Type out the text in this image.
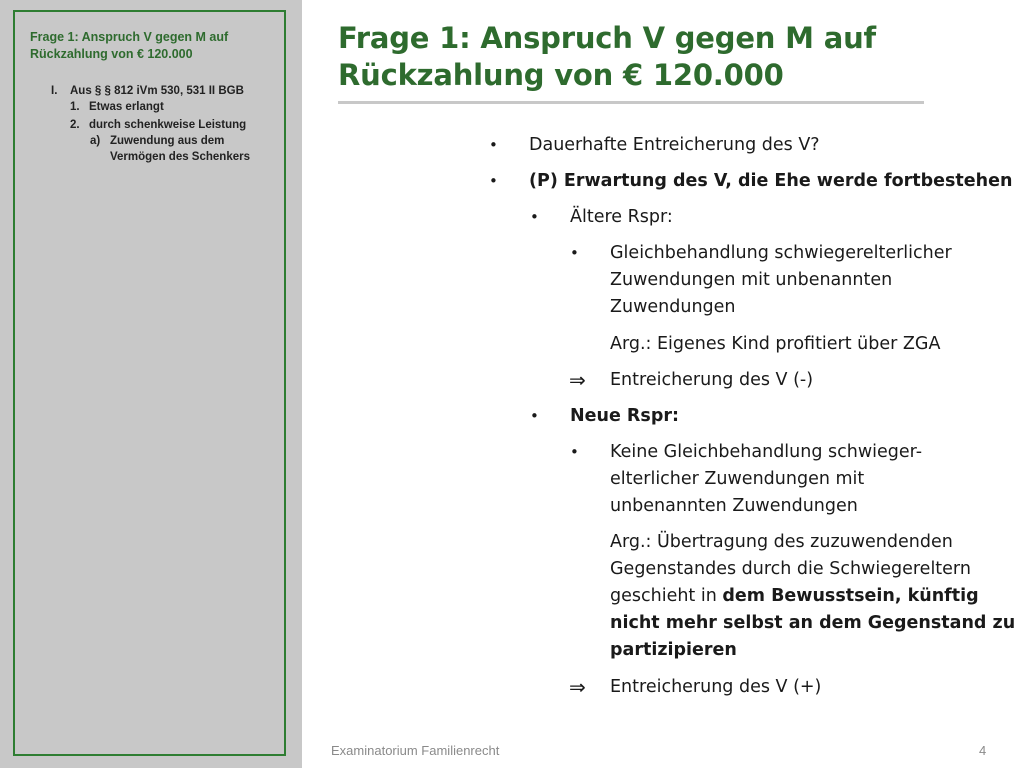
Frage 1: Anspruch V gegen M auf
Rückzahlung von € 120.000
I. Aus § § 812 iVm 530, 531 II BGB
1. Etwas erlangt
2. durch schenkweise Leistung
a) Zuwendung aus dem
Vermögen des Schenkers
Frage 1: Anspruch V gegen M auf
Rückzahlung von € 120.000
• Dauerhafte Entreicherung des V?
• (P) Erwartung des V, die Ehe werde fortbestehen
• Ältere Rspr:
• Gleichbehandlung schwiegerelterlicher
Zuwendungen mit unbenannten
Zuwendungen
Arg.: Eigenes Kind profitiert über ZGA
⇒ Entreicherung des V (-)
• Neue Rspr:
• Keine Gleichbehandlung schwieger-
elterlicher Zuwendungen mit
unbenannten Zuwendungen
Arg.: Übertragung des zuzuwendenden
Gegenstandes durch die Schwiegereltern
geschieht in dem Bewusstsein, künftig
nicht mehr selbst an dem Gegenstand zu
partizipieren
⇒ Entreicherung des V (+)
Examinatorium Familienrecht	4
